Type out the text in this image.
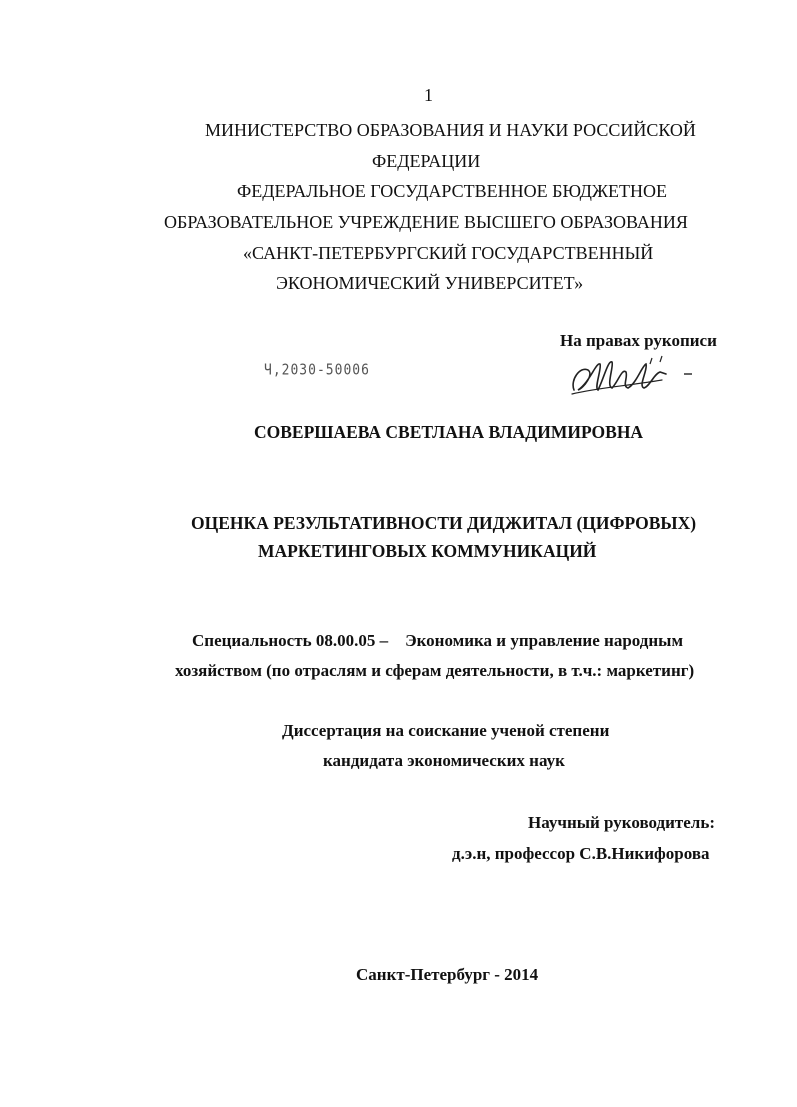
1
МИНИСТЕРСТВО ОБРАЗОВАНИЯ И НАУКИ РОССИЙСКОЙ
ФЕДЕРАЦИИ
ФЕДЕРАЛЬНОЕ ГОСУДАРСТВЕННОЕ БЮДЖЕТНОЕ
ОБРАЗОВАТЕЛЬНОЕ УЧРЕЖДЕНИЕ ВЫСШЕГО ОБРАЗОВАНИЯ
«САНКТ-ПЕТЕРБУРГСКИЙ ГОСУДАРСТВЕННЫЙ
ЭКОНОМИЧЕСКИЙ УНИВЕРСИТЕТ»
На правах рукописи
Ч,2030-50006
СОВЕРШАЕВА СВЕТЛАНА ВЛАДИМИРОВНА
ОЦЕНКА РЕЗУЛЬТАТИВНОСТИ ДИДЖИТАЛ (ЦИФРОВЫХ)
МАРКЕТИНГОВЫХ КОММУНИКАЦИЙ
Специальность 08.00.05 –    Экономика и управление народным
хозяйством (по отраслям и сферам деятельности, в т.ч.: маркетинг)
Диссертация на соискание ученой степени
кандидата экономических наук
Научный руководитель:
д.э.н, профессор С.В.Никифорова
Санкт-Петербург - 2014
